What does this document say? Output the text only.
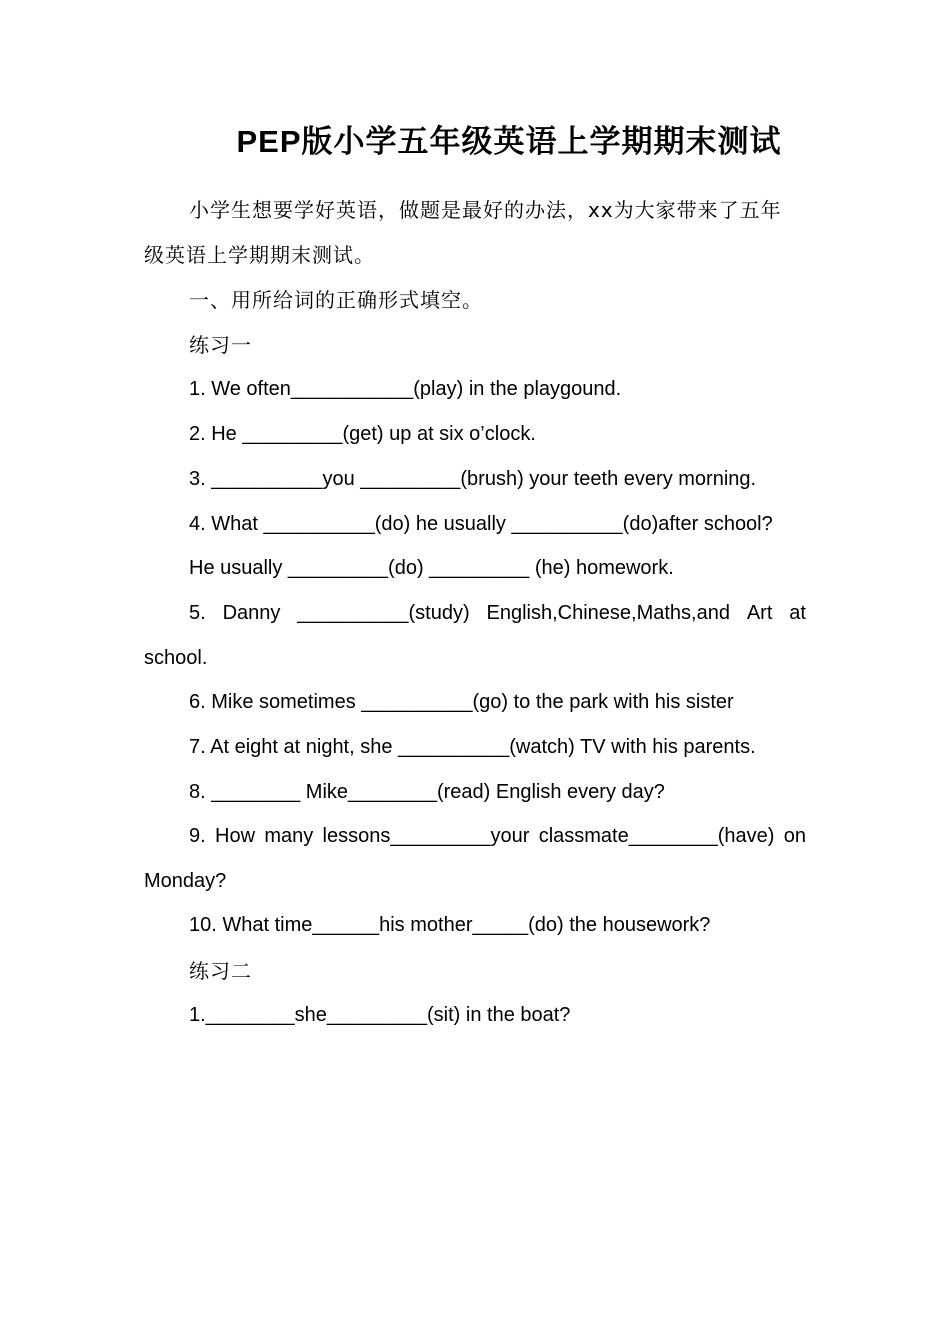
PEP版小学五年级英语上学期期末测试
小学生想要学好英语，做题是最好的办法，xx为大家带来了五年
级英语上学期期末测试。
一、用所给词的正确形式填空。
练习一
1. We often___________(play) in the playgound.
2. He _________(get) up at six o’clock.
3. __________you _________(brush) your teeth every morning.
4. What __________(do) he usually __________(do)after school?
He usually _________(do) _________ (he) homework.
5. Danny __________(study) English,Chinese,Maths,and Art at
school.
6. Mike sometimes __________(go) to the park with his sister
7. At eight at night, she __________(watch) TV with his parents.
8. ________ Mike________(read) English every day?
9. How many lessons_________your classmate________(have) on
Monday?
10. What time______his mother_____(do) the housework?
练习二
1.________she_________(sit) in the boat?
